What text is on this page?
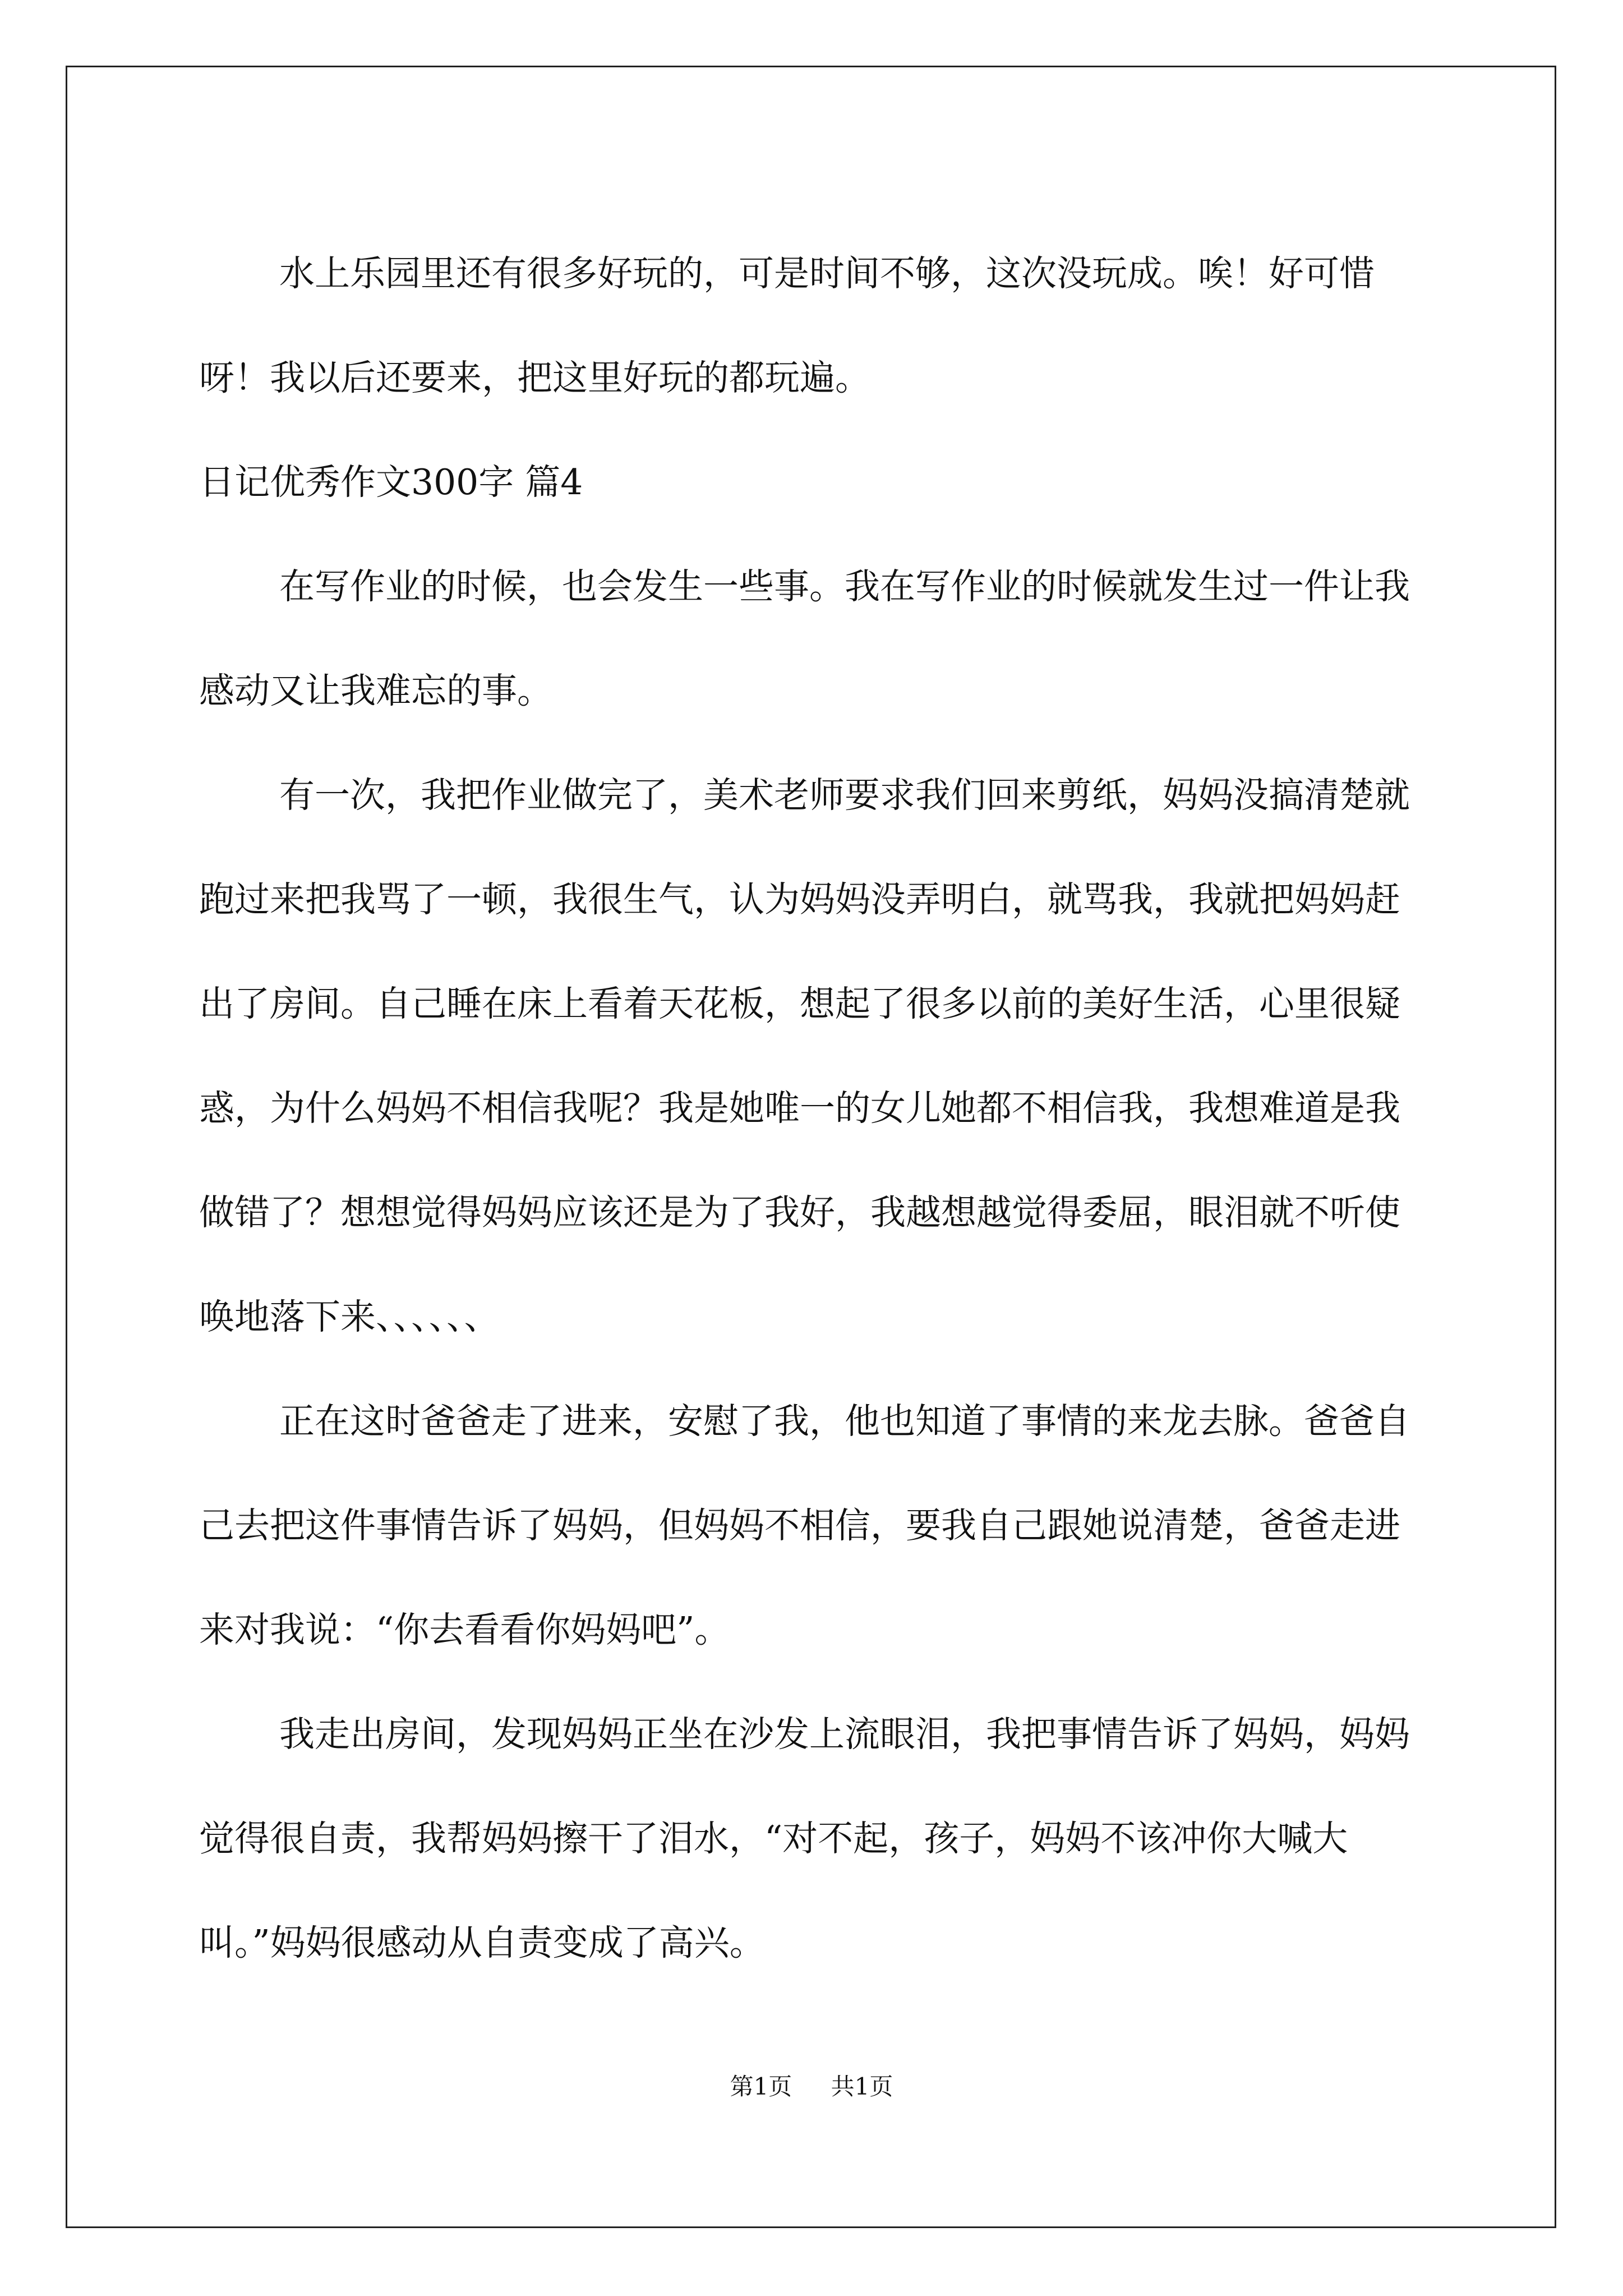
水上乐园里还有很多好玩的，可是时间不够，这次没玩成。唉！好可惜呀！我以后还要来，把这里好玩的都玩遍。

日记优秀作文300字 篇4

在写作业的时候，也会发生一些事。我在写作业的时候就发生过一件让我感动又让我难忘的事。

有一次，我把作业做完了，美术老师要求我们回来剪纸，妈妈没搞清楚就跑过来把我骂了一顿，我很生气，认为妈妈没弄明白，就骂我，我就把妈妈赶出了房间。自己睡在床上看着天花板，想起了很多以前的美好生活，心里很疑惑，为什么妈妈不相信我呢？我是她唯一的女儿她都不相信我，我想难道是我做错了？想想觉得妈妈应该还是为了我好，我越想越觉得委屈，眼泪就不听使唤地落下来、、、、、、

正在这时爸爸走了进来，安慰了我，他也知道了事情的来龙去脉。爸爸自己去把这件事情告诉了妈妈，但妈妈不相信，要我自己跟她说清楚，爸爸走进来对我说：“你去看看你妈妈吧”。

我走出房间，发现妈妈正坐在沙发上流眼泪，我把事情告诉了妈妈，妈妈觉得很自责，我帮妈妈擦干了泪水，“对不起，孩子，妈妈不该冲你大喊大叫。”妈妈很感动从自责变成了高兴。

第1页 共1页
